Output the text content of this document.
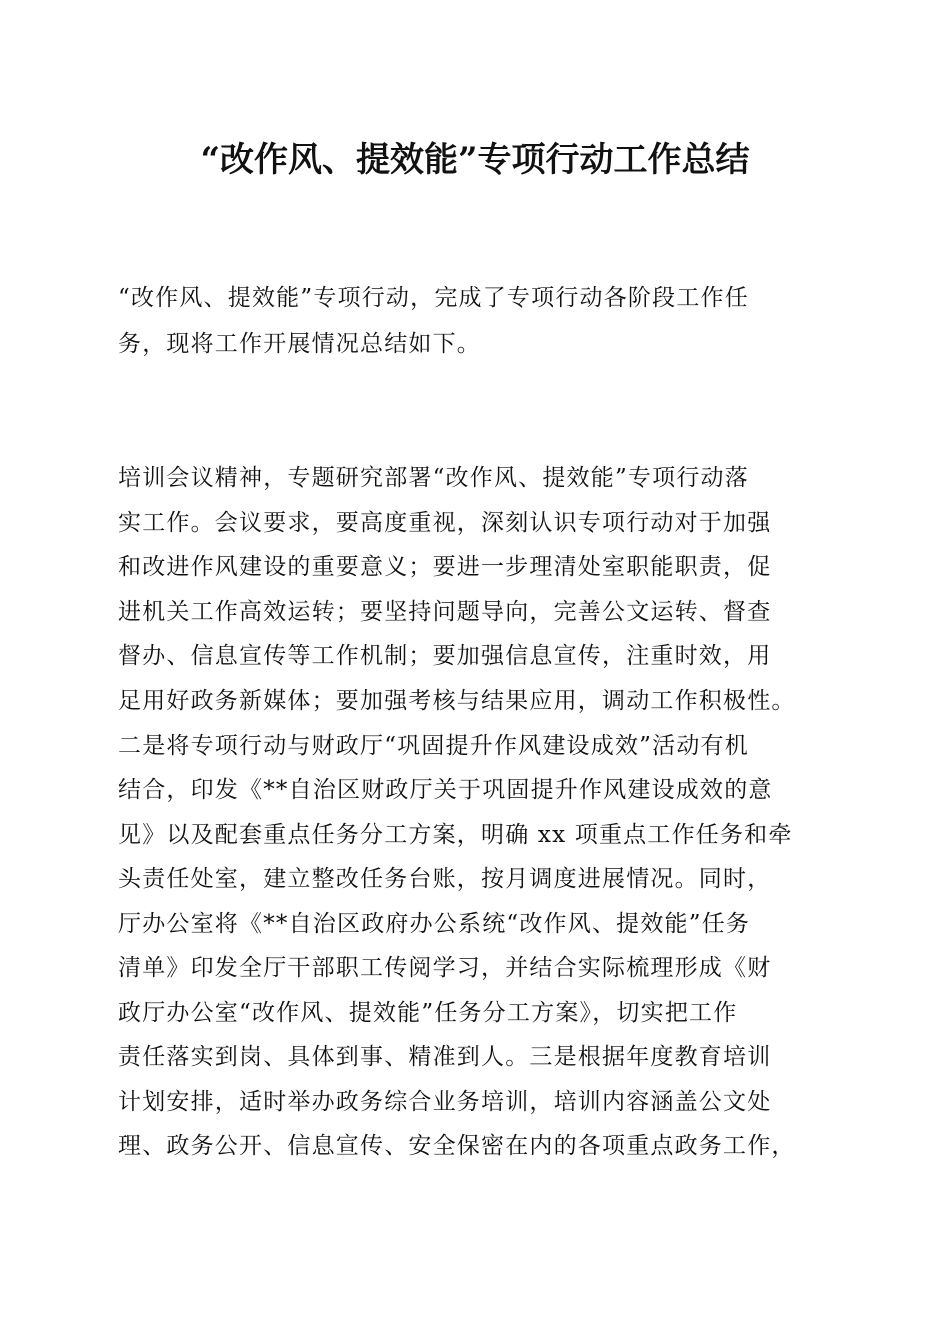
“改作风、提效能”专项行动工作总结
“改作风、提效能”专项行动，完成了专项行动各阶段工作任
务，现将工作开展情况总结如下。
培训会议精神，专题研究部署“改作风、提效能”专项行动落
实工作。会议要求，要高度重视，深刻认识专项行动对于加强
和改进作风建设的重要意义；要进一步理清处室职能职责，促
进机关工作高效运转；要坚持问题导向，完善公文运转、督查
督办、信息宣传等工作机制；要加强信息宣传，注重时效，用
足用好政务新媒体；要加强考核与结果应用，调动工作积极性。
二是将专项行动与财政厅“巩固提升作风建设成效”活动有机
结合，印发《**自治区财政厅关于巩固提升作风建设成效的意
见》以及配套重点任务分工方案，明确 xx 项重点工作任务和牵
头责任处室，建立整改任务台账，按月调度进展情况。同时，
厅办公室将《**自治区政府办公系统“改作风、提效能”任务
清单》印发全厅干部职工传阅学习，并结合实际梳理形成《财
政厅办公室“改作风、提效能”任务分工方案》，切实把工作
责任落实到岗、具体到事、精准到人。三是根据年度教育培训
计划安排，适时举办政务综合业务培训，培训内容涵盖公文处
理、政务公开、信息宣传、安全保密在内的各项重点政务工作，
